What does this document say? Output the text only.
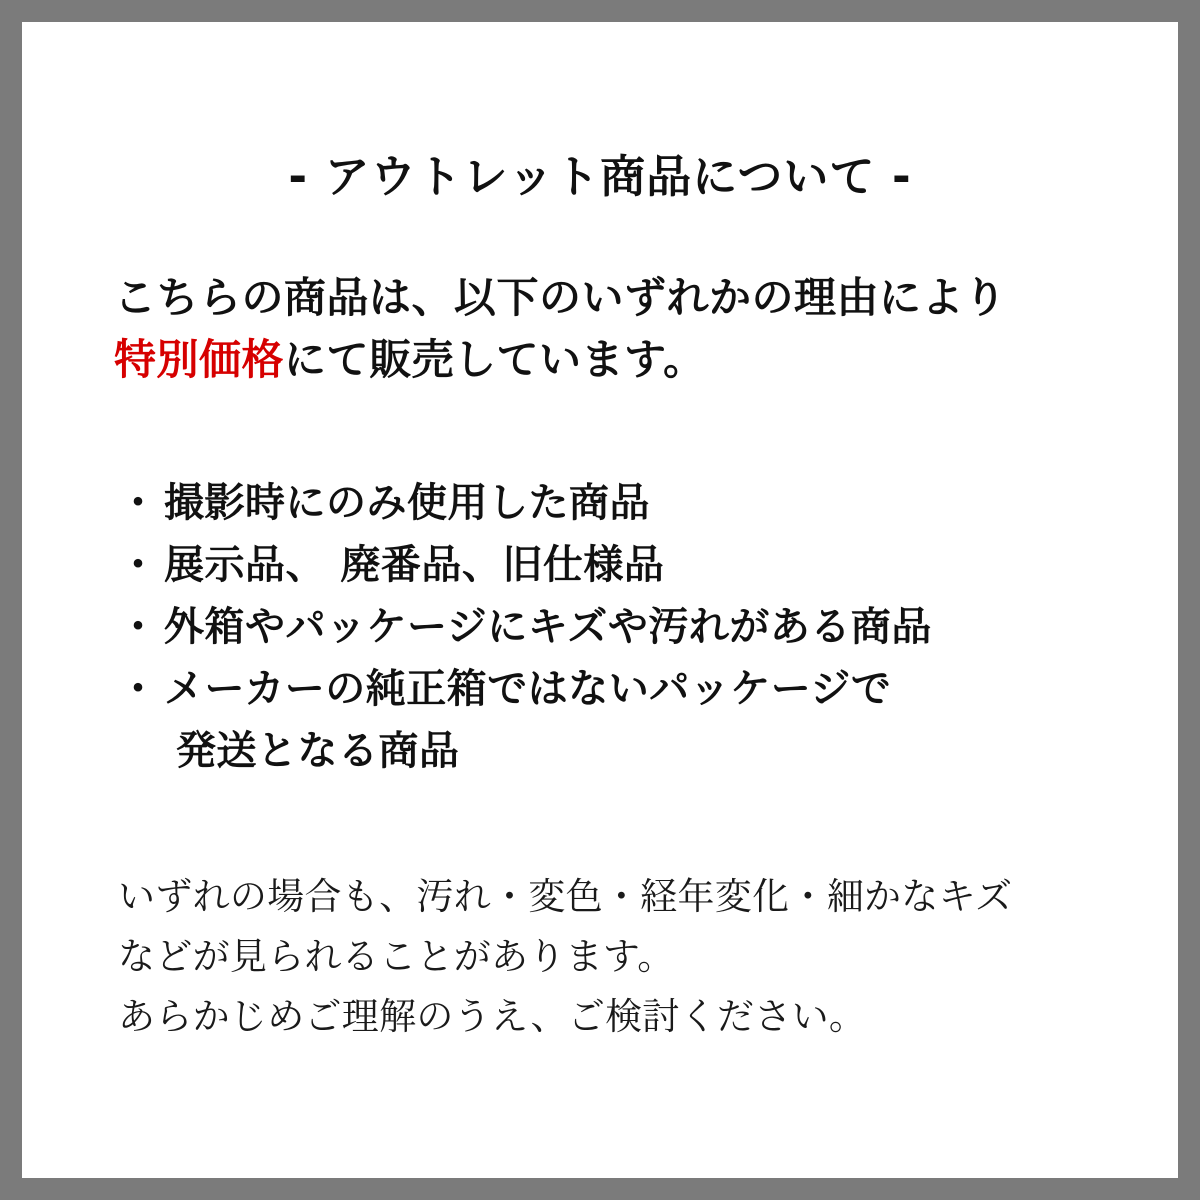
- アウトレット商品について -
こちらの商品は、以下のいずれかの理由により
特別価格にて販売しています。
・ 撮影時にのみ使用した商品
・ 展示品、 廃番品、旧仕様品
・ 外箱やパッケージにキズや汚れがある商品
・ メーカーの純正箱ではないパッケージで
発送となる商品
いずれの場合も、汚れ・変色・経年変化・細かなキズ
などが見られることがあります。
あらかじめご理解のうえ、ご検討ください。
